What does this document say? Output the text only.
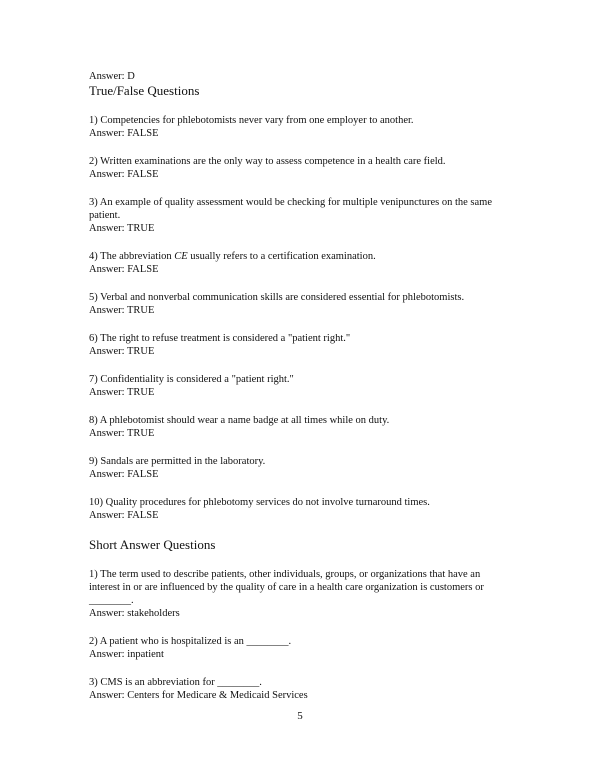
Answer: D

True/False Questions

1) Competencies for phlebotomists never vary from one employer to another.

Answer: FALSE

2) Written examinations are the only way to assess competence in a health care field.

Answer: FALSE

3) An example of quality assessment would be checking for multiple venipunctures on the same

patient.

Answer: TRUE

4) The abbreviation CE usually refers to a certification examination.

Answer: FALSE

5) Verbal and nonverbal communication skills are considered essential for phlebotomists.

Answer: TRUE

6) The right to refuse treatment is considered a "patient right."

Answer: TRUE

7) Confidentiality is considered a "patient right."

Answer: TRUE

8) A phlebotomist should wear a name badge at all times while on duty.

Answer: TRUE

9) Sandals are permitted in the laboratory.

Answer: FALSE

10) Quality procedures for phlebotomy services do not involve turnaround times.

Answer: FALSE

Short Answer Questions

1) The term used to describe patients, other individuals, groups, or organizations that have an

interest in or are influenced by the quality of care in a health care organization is customers or

________.

Answer: stakeholders

2) A patient who is hospitalized is an ________.

Answer: inpatient

3) CMS is an abbreviation for ________.

Answer: Centers for Medicare & Medicaid Services

5
